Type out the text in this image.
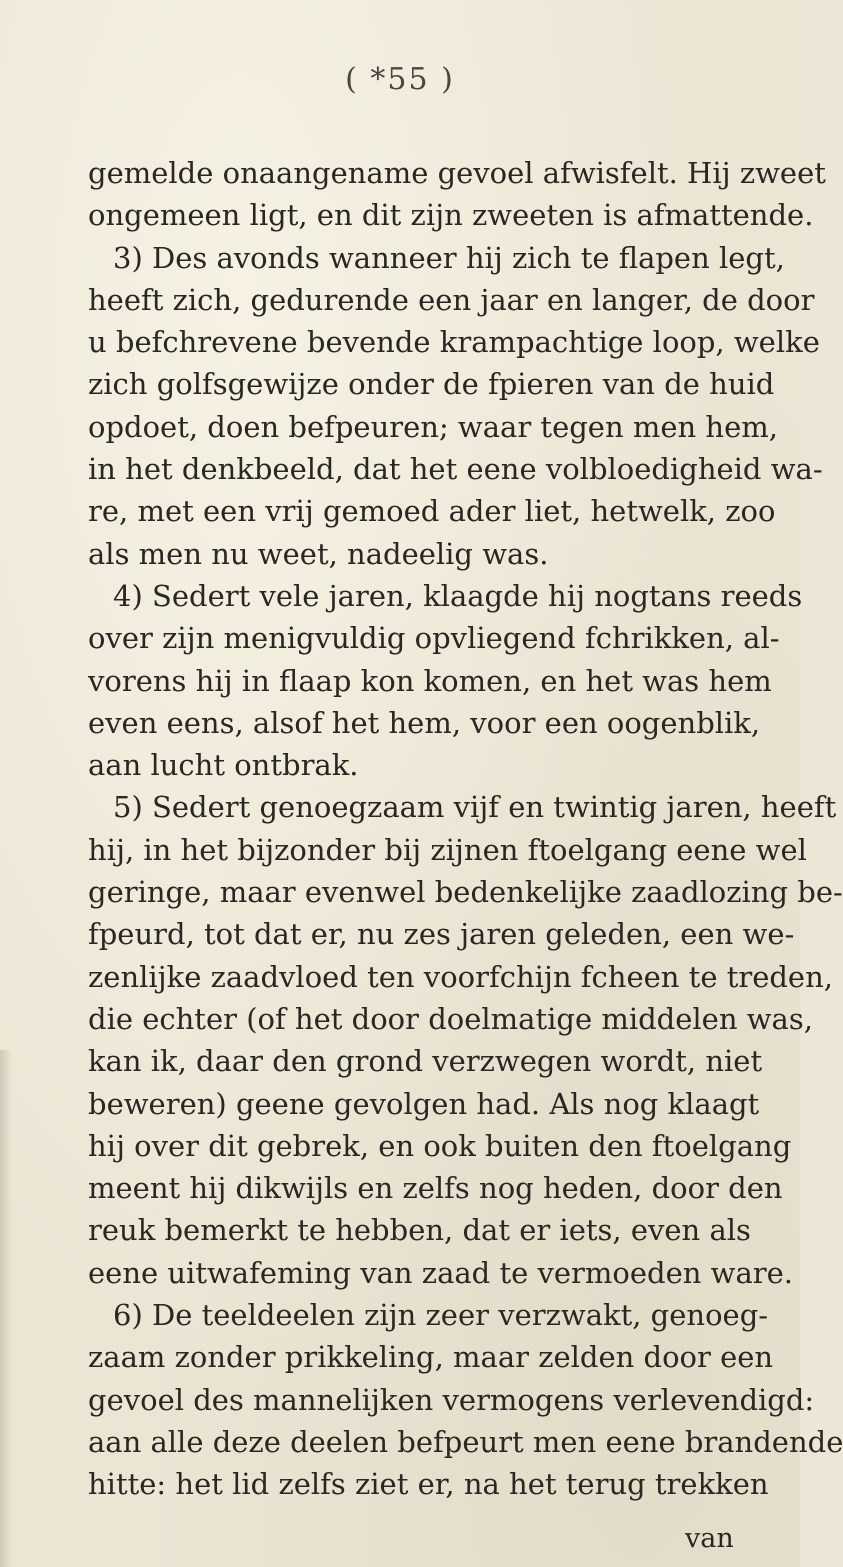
( *55 )
gemelde onaangename gevoel afwisfelt. Hij zweet
ongemeen ligt, en dit zijn zweeten is afmattende.
3) Des avonds wanneer hij zich te flapen legt,
heeft zich, gedurende een jaar en langer, de door
u befchrevene bevende krampachtige loop, welke
zich golfsgewijze onder de fpieren van de huid
opdoet, doen befpeuren; waar tegen men hem,
in het denkbeeld, dat het eene volbloedigheid wa-
re, met een vrij gemoed ader liet, hetwelk, zoo
als men nu weet, nadeelig was.
4) Sedert vele jaren, klaagde hij nogtans reeds
over zijn menigvuldig opvliegend fchrikken, al-
vorens hij in flaap kon komen, en het was hem
even eens, alsof het hem, voor een oogenblik,
aan lucht ontbrak.
5) Sedert genoegzaam vijf en twintig jaren, heeft
hij, in het bijzonder bij zijnen ftoelgang eene wel
geringe, maar evenwel bedenkelijke zaadlozing be-
fpeurd, tot dat er, nu zes jaren geleden, een we-
zenlijke zaadvloed ten voorfchijn fcheen te treden,
die echter (of het door doelmatige middelen was,
kan ik, daar den grond verzwegen wordt, niet
beweren) geene gevolgen had. Als nog klaagt
hij over dit gebrek, en ook buiten den ftoelgang
meent hij dikwijls en zelfs nog heden, door den
reuk bemerkt te hebben, dat er iets, even als
eene uitwafeming van zaad te vermoeden ware.
6) De teeldeelen zijn zeer verzwakt, genoeg-
zaam zonder prikkeling, maar zelden door een
gevoel des mannelijken vermogens verlevendigd:
aan alle deze deelen befpeurt men eene brandende
hitte: het lid zelfs ziet er, na het terug trekken
van
